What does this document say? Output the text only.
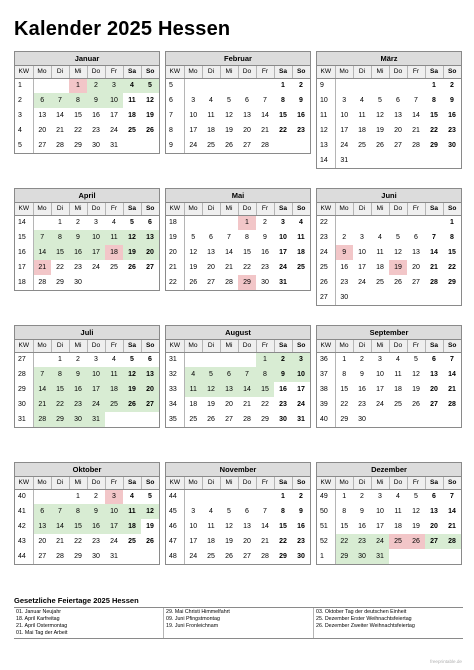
Kalender 2025 Hessen
Januar
KW	Mo	Di	Mi	Do	Fr	Sa	So
1			1	2	3	4	5
2	6	7	8	9	10	11	12
3	13	14	15	16	17	18	19
4	20	21	22	23	24	25	26
5	27	28	29	30	31		
Februar
KW	Mo	Di	Mi	Do	Fr	Sa	So
5						1	2
6	3	4	5	6	7	8	9
7	10	11	12	13	14	15	16
8	17	18	19	20	21	22	23
9	24	25	26	27	28		
März
KW	Mo	Di	Mi	Do	Fr	Sa	So
9						1	2
10	3	4	5	6	7	8	9
11	10	11	12	13	14	15	16
12	17	18	19	20	21	22	23
13	24	25	26	27	28	29	30
14	31						
April
KW	Mo	Di	Mi	Do	Fr	Sa	So
14		1	2	3	4	5	6
15	7	8	9	10	11	12	13
16	14	15	16	17	18	19	20
17	21	22	23	24	25	26	27
18	28	29	30				
Mai
KW	Mo	Di	Mi	Do	Fr	Sa	So
18				1	2	3	4
19	5	6	7	8	9	10	11
20	12	13	14	15	16	17	18
21	19	20	21	22	23	24	25
22	26	27	28	29	30	31	
Juni
KW	Mo	Di	Mi	Do	Fr	Sa	So
22							1
23	2	3	4	5	6	7	8
24	9	10	11	12	13	14	15
25	16	17	18	19	20	21	22
26	23	24	25	26	27	28	29
27	30						
Juli
KW	Mo	Di	Mi	Do	Fr	Sa	So
27		1	2	3	4	5	6
28	7	8	9	10	11	12	13
29	14	15	16	17	18	19	20
30	21	22	23	24	25	26	27
31	28	29	30	31			
August
KW	Mo	Di	Mi	Do	Fr	Sa	So
31					1	2	3
32	4	5	6	7	8	9	10
33	11	12	13	14	15	16	17
34	18	19	20	21	22	23	24
35	25	26	27	28	29	30	31
September
KW	Mo	Di	Mi	Do	Fr	Sa	So
36	1	2	3	4	5	6	7
37	8	9	10	11	12	13	14
38	15	16	17	18	19	20	21
39	22	23	24	25	26	27	28
40	29	30					
Oktober
KW	Mo	Di	Mi	Do	Fr	Sa	So
40			1	2	3	4	5
41	6	7	8	9	10	11	12
42	13	14	15	16	17	18	19
43	20	21	22	23	24	25	26
44	27	28	29	30	31		
November
KW	Mo	Di	Mi	Do	Fr	Sa	So
44						1	2
45	3	4	5	6	7	8	9
46	10	11	12	13	14	15	16
47	17	18	19	20	21	22	23
48	24	25	26	27	28	29	30
Dezember
KW	Mo	Di	Mi	Do	Fr	Sa	So
49	1	2	3	4	5	6	7
50	8	9	10	11	12	13	14
51	15	16	17	18	19	20	21
52	22	23	24	25	26	27	28
1	29	30	31				
Gesetzliche Feiertage 2025 Hessen
01. Januar Neujahr
18. April Karfreitag
21. April Ostermontag
01. Mai Tag der Arbeit
29. Mai Christi Himmelfahrt
09. Juni Pfingstmontag
19. Juni Fronleichnam
03. Oktober Tag der deutschen Einheit
25. Dezember Erster Weihnachtsfeiertag
26. Dezember Zweiter Weihnachtsfeiertag
freeprintable.de
